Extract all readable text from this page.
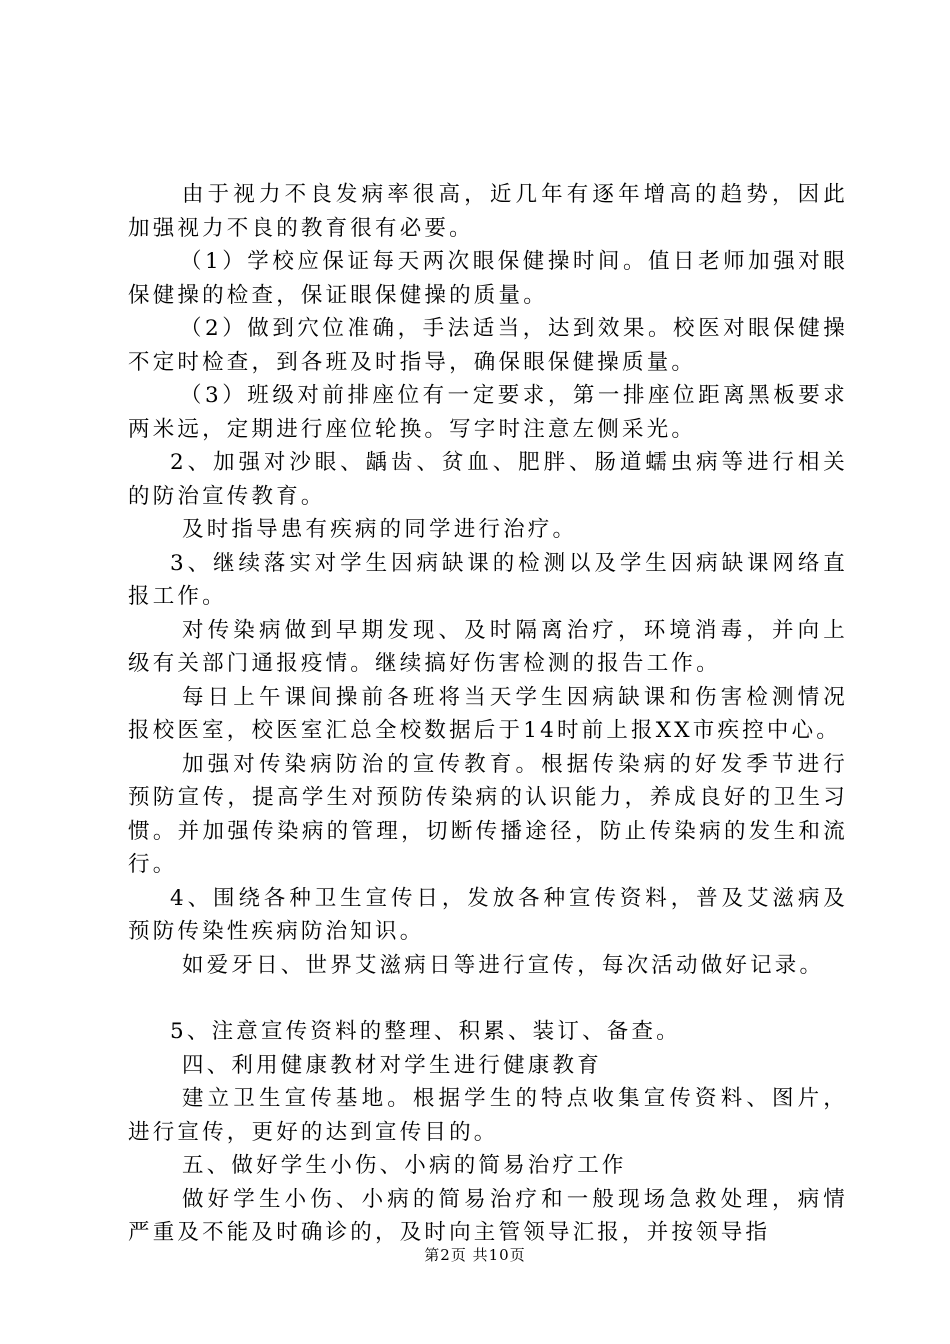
由于视力不良发病率很高，近几年有逐年增高的趋势，因此加强视力不良的教育很有必要。

（1）学校应保证每天两次眼保健操时间。值日老师加强对眼保健操的检查，保证眼保健操的质量。

（2）做到穴位准确，手法适当，达到效果。校医对眼保健操不定时检查，到各班及时指导，确保眼保健操质量。

（3）班级对前排座位有一定要求，第一排座位距离黑板要求两米远，定期进行座位轮换。写字时注意左侧采光。

2、加强对沙眼、龋齿、贫血、肥胖、肠道蠕虫病等进行相关的防治宣传教育。

及时指导患有疾病的同学进行治疗。

3、继续落实对学生因病缺课的检测以及学生因病缺课网络直报工作。

对传染病做到早期发现、及时隔离治疗，环境消毒，并向上级有关部门通报疫情。继续搞好伤害检测的报告工作。

每日上午课间操前各班将当天学生因病缺课和伤害检测情况报校医室，校医室汇总全校数据后于14时前上报XX市疾控中心。

加强对传染病防治的宣传教育。根据传染病的好发季节进行预防宣传，提高学生对预防传染病的认识能力，养成良好的卫生习惯。并加强传染病的管理，切断传播途径，防止传染病的发生和流行。

4、围绕各种卫生宣传日，发放各种宣传资料，普及艾滋病及预防传染性疾病防治知识。

如爱牙日、世界艾滋病日等进行宣传，每次活动做好记录。

5、注意宣传资料的整理、积累、装订、备查。

四、利用健康教材对学生进行健康教育

建立卫生宣传基地。根据学生的特点收集宣传资料、图片，进行宣传，更好的达到宣传目的。

五、做好学生小伤、小病的简易治疗工作

做好学生小伤、小病的简易治疗和一般现场急救处理，病情严重及不能及时确诊的，及时向主管领导汇报，并按领导指

第2页 共10页
